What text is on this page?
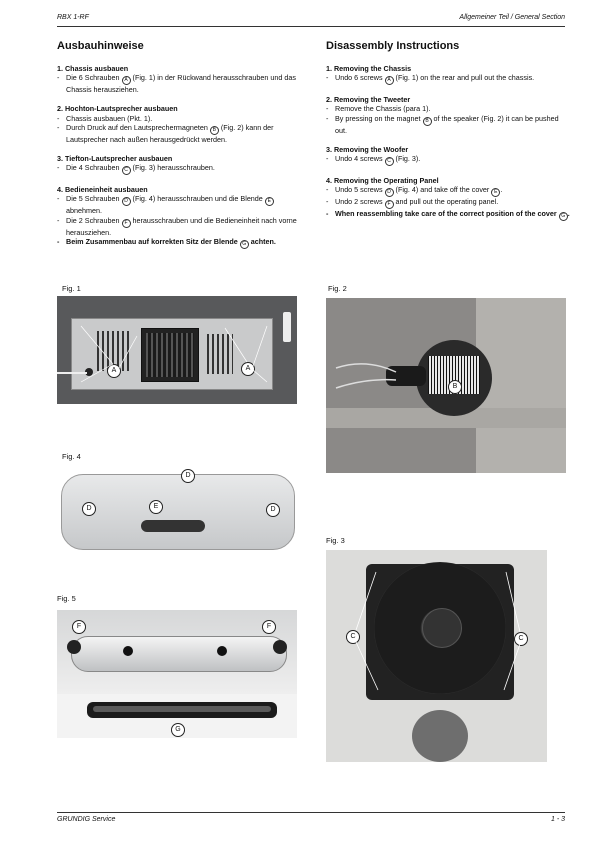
RBX 1-RF	Allgemeiner Teil / General Section
Ausbauhinweise
1. Chassis ausbauen
- Die 6 Schrauben A (Fig. 1) in der Rückwand herausschrauben und das Chassis herausziehen.
2. Hochton-Lautsprecher ausbauen
- Chassis ausbauen (Pkt. 1).
- Durch Druck auf den Lautsprechermagneten B (Fig. 2) kann der Lautsprecher nach außen herausgedrückt werden.
3. Tiefton-Lautsprecher ausbauen
- Die 4 Schrauben C (Fig. 3) herausschrauben.
4. Bedieneinheit ausbauen
- Die 5 Schrauben D (Fig. 4) herausschrauben und die Blende E abnehmen.
- Die 2 Schrauben F herausschrauben und die Bedieneinheit nach vorne herausziehen.
- Beim Zusammenbau auf korrekten Sitz der Blende G achten.
Disassembly Instructions
1. Removing the Chassis
- Undo 6 screws A (Fig. 1) on the rear and pull out the chassis.
2. Removing the Tweeter
- Remove the Chassis (para 1).
- By pressing on the magnet B of the speaker (Fig. 2) it can be pushed out.
3. Removing the Woofer
- Undo 4 screws C (Fig. 3).
4. Removing the Operating Panel
- Undo 5 screws D (Fig. 4) and take off the cover E .
- Undo 2 screws F and pull out the operating panel.
- When reassembling take care of the correct position of the cover G .
Fig. 1
A	A
Fig. 2
B
Fig. 4
D
D	D
E
Fig. 3
C	C
Fig. 5
F	F
G
GRUNDIG Service	1 - 3
